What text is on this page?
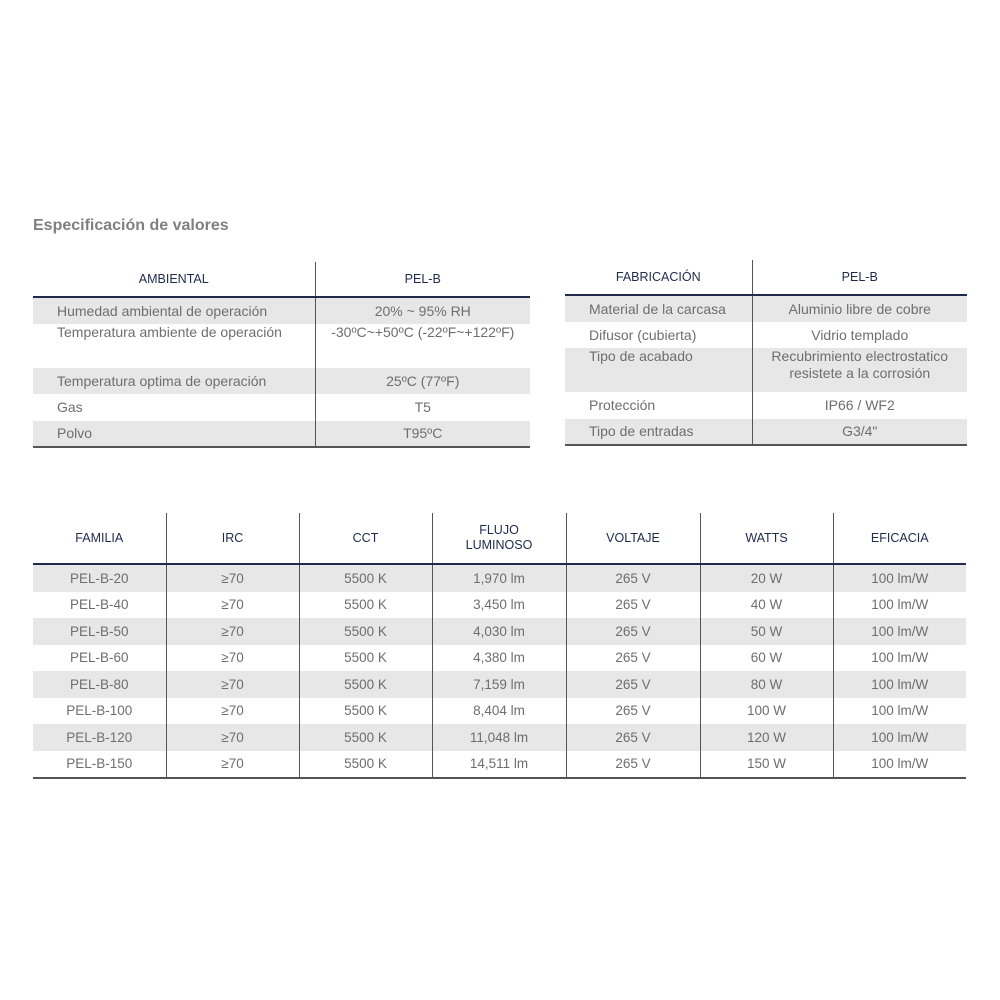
Especificación de valores
AMBIENTAL	PEL-B
Humedad ambiental de operación	20% ~ 95% RH
Temperatura ambiente de operación	-30ºC~+50ºC (-22ºF~+122ºF)
Temperatura optima de operación	25ºC (77ºF)
Gas	T5
Polvo	T95ºC
FABRICACIÓN	PEL-B
Material de la carcasa	Aluminio libre de cobre
Difusor (cubierta)	Vidrio templado
Tipo de acabado	Recubrimiento electrostatico resistete a la corrosión
Protección	IP66 / WF2
Tipo de entradas	G3/4"
FAMILIA	IRC	CCT	FLUJO LUMINOSO	VOLTAJE	WATTS	EFICACIA
PEL-B-20	≥70	5500 K	1,970 lm	265 V	20 W	100 lm/W
PEL-B-40	≥70	5500 K	3,450 lm	265 V	40 W	100 lm/W
PEL-B-50	≥70	5500 K	4,030 lm	265 V	50 W	100 lm/W
PEL-B-60	≥70	5500 K	4,380 lm	265 V	60 W	100 lm/W
PEL-B-80	≥70	5500 K	7,159 lm	265 V	80 W	100 lm/W
PEL-B-100	≥70	5500 K	8,404 lm	265 V	100 W	100 lm/W
PEL-B-120	≥70	5500 K	11,048 lm	265 V	120 W	100 lm/W
PEL-B-150	≥70	5500 K	14,511 lm	265 V	150 W	100 lm/W
